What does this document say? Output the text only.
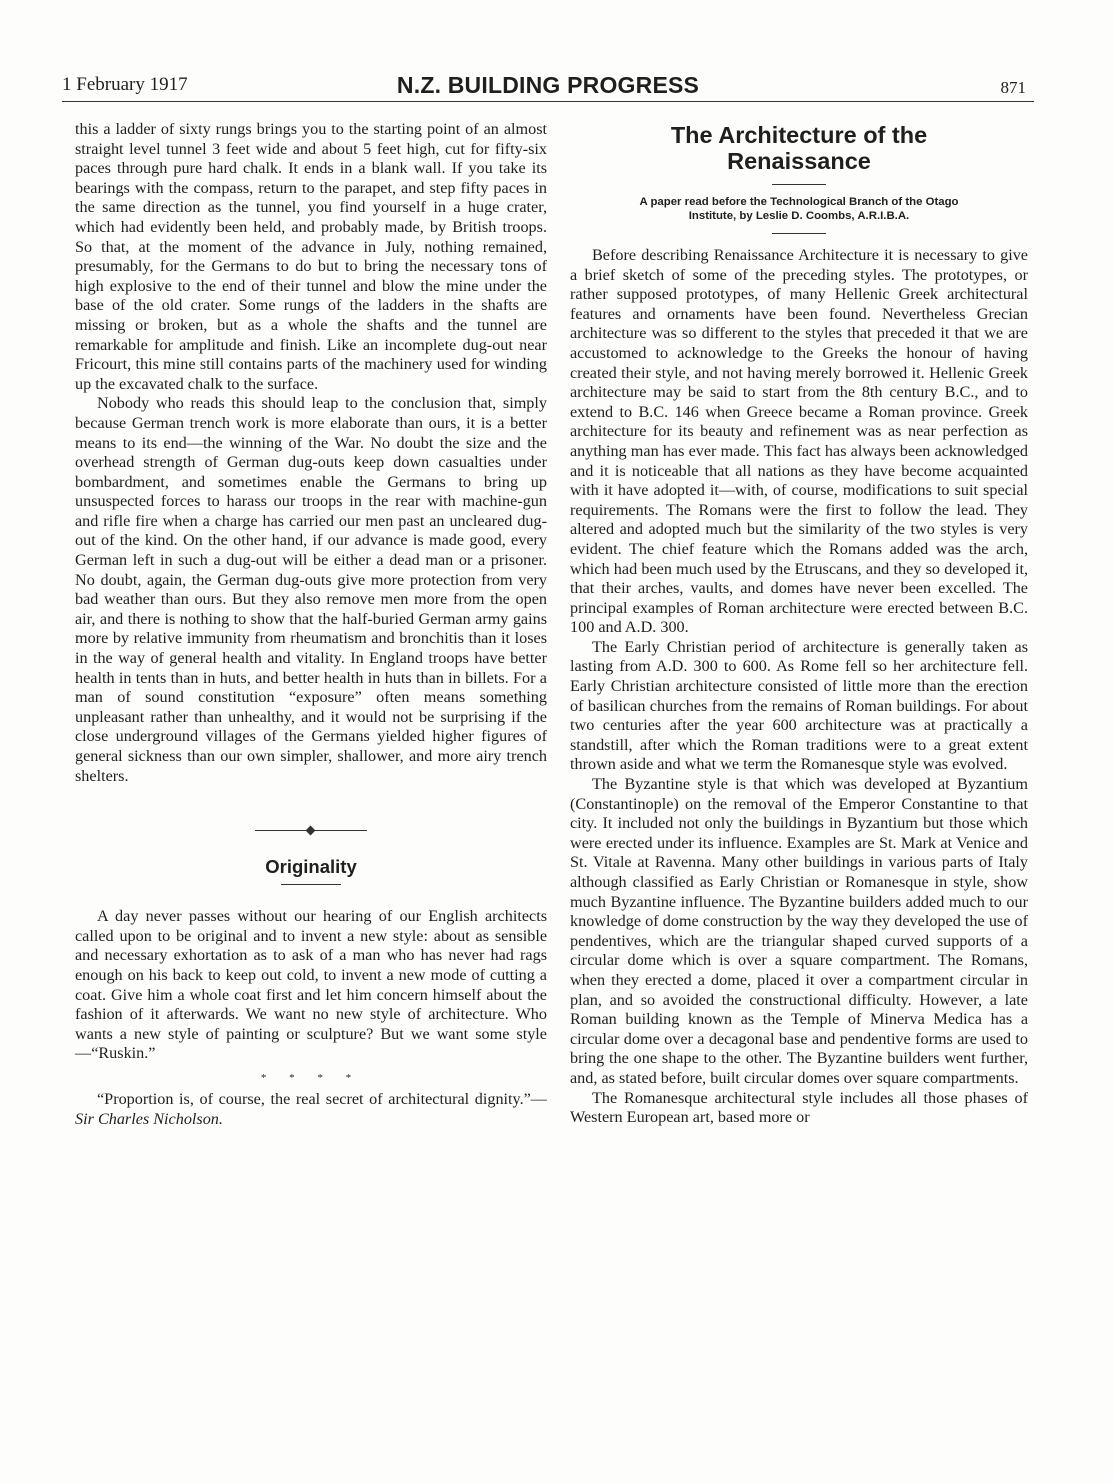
1 February 1917	N.Z. BUILDING PROGRESS	871

this a ladder of sixty rungs brings you to the starting point of an almost straight level tunnel 3 feet wide and about 5 feet high, cut for fifty-six paces through pure hard chalk. It ends in a blank wall. If you take its bearings with the compass, return to the parapet, and step fifty paces in the same direction as the tunnel, you find yourself in a huge crater, which had evidently been held, and probably made, by British troops. So that, at the moment of the advance in July, nothing remained, presumably, for the Germans to do but to bring the necessary tons of high explosive to the end of their tunnel and blow the mine under the base of the old crater. Some rungs of the ladders in the shafts are missing or broken, but as a whole the shafts and the tunnel are remarkable for amplitude and finish. Like an incomplete dug-out near Fricourt, this mine still contains parts of the machinery used for winding up the excavated chalk to the surface.

Nobody who reads this should leap to the conclusion that, simply because German trench work is more elaborate than ours, it is a better means to its end—the winning of the War. No doubt the size and the overhead strength of German dug-outs keep down casualties under bombardment, and sometimes enable the Germans to bring up unsuspected forces to harass our troops in the rear with machine-gun and rifle fire when a charge has carried our men past an uncleared dug-out of the kind. On the other hand, if our advance is made good, every German left in such a dug-out will be either a dead man or a prisoner. No doubt, again, the German dug-outs give more protection from very bad weather than ours. But they also remove men more from the open air, and there is nothing to show that the half-buried German army gains more by relative immunity from rheumatism and bronchitis than it loses in the way of general health and vitality. In England troops have better health in tents than in huts, and better health in huts than in billets. For a man of sound constitution “exposure” often means something unpleasant rather than unhealthy, and it would not be surprising if the close underground villages of the Germans yielded higher figures of general sickness than our own simpler, shallower, and more airy trench shelters.

Originality

A day never passes without our hearing of our English architects called upon to be original and to invent a new style: about as sensible and necessary exhortation as to ask of a man who has never had rags enough on his back to keep out cold, to invent a new mode of cutting a coat. Give him a whole coat first and let him concern himself about the fashion of it afterwards. We want no new style of architecture. Who wants a new style of painting or sculpture? But we want some style—“Ruskin.”

* * * *

“Proportion is, of course, the real secret of architectural dignity.”—Sir Charles Nicholson.

The Architecture of the
Renaissance

A paper read before the Technological Branch of the Otago
Institute, by Leslie D. Coombs, A.R.I.B.A.

Before describing Renaissance Architecture it is necessary to give a brief sketch of some of the preceding styles. The prototypes, or rather supposed prototypes, of many Hellenic Greek architectural features and ornaments have been found. Nevertheless Grecian architecture was so different to the styles that preceded it that we are accustomed to acknowledge to the Greeks the honour of having created their style, and not having merely borrowed it. Hellenic Greek architecture may be said to start from the 8th century B.C., and to extend to B.C. 146 when Greece became a Roman province. Greek architecture for its beauty and refinement was as near perfection as anything man has ever made. This fact has always been acknowledged and it is noticeable that all nations as they have become acquainted with it have adopted it—with, of course, modifications to suit special requirements. The Romans were the first to follow the lead. They altered and adopted much but the similarity of the two styles is very evident. The chief feature which the Romans added was the arch, which had been much used by the Etruscans, and they so developed it, that their arches, vaults, and domes have never been excelled. The principal examples of Roman architecture were erected between B.C. 100 and A.D. 300.

The Early Christian period of architecture is generally taken as lasting from A.D. 300 to 600. As Rome fell so her architecture fell. Early Christian architecture consisted of little more than the erection of basilican churches from the remains of Roman buildings. For about two centuries after the year 600 architecture was at practically a standstill, after which the Roman traditions were to a great extent thrown aside and what we term the Romanesque style was evolved.

The Byzantine style is that which was developed at Byzantium (Constantinople) on the removal of the Emperor Constantine to that city. It included not only the buildings in Byzantium but those which were erected under its influence. Examples are St. Mark at Venice and St. Vitale at Ravenna. Many other buildings in various parts of Italy although classified as Early Christian or Romanesque in style, show much Byzantine influence. The Byzantine builders added much to our knowledge of dome construction by the way they developed the use of pendentives, which are the triangular shaped curved supports of a circular dome which is over a square compartment. The Romans, when they erected a dome, placed it over a compartment circular in plan, and so avoided the constructional difficulty. However, a late Roman building known as the Temple of Minerva Medica has a circular dome over a decagonal base and pendentive forms are used to bring the one shape to the other. The Byzantine builders went further, and, as stated before, built circular domes over square compartments.

The Romanesque architectural style includes all those phases of Western European art, based more or
